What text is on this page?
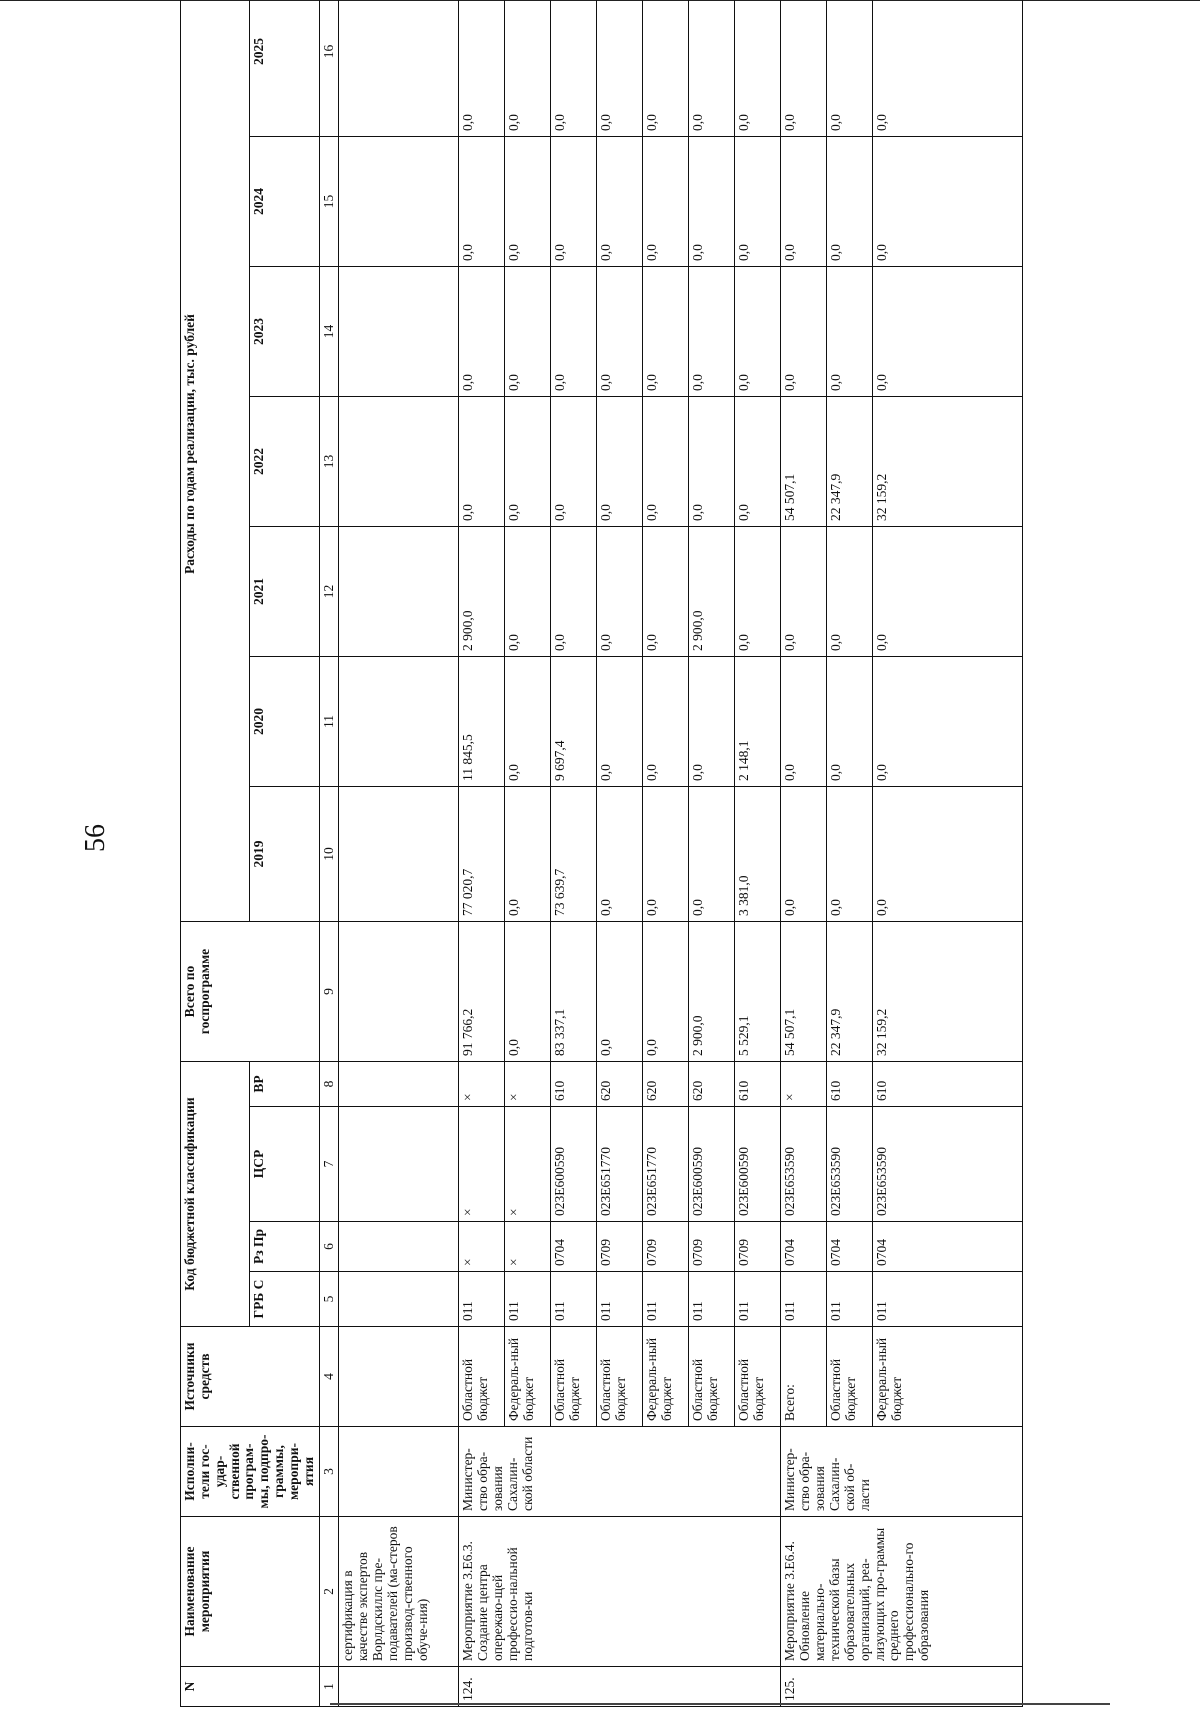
56
N	Наименование мероприятия	Исполни-тели гос-удар-ственной програм-мы, подпро-граммы, меропри-ятия	Источники средств	Код бюджетной классификации				Всего по госпрограмме	Расходы по годам реализации, тыс. рублей						
				ГРБ С	Рз Пр	ЦСР	ВР		2019	2020	2021	2022	2023	2024	2025
1	2	3	4	5	6	7	8	9	10	11	12	13	14	15	16
	сертификация в качестве экспертов Ворлдскиллс пре-подавателей (ма-стеров производ-ственного обуче-ния)														
124.	Мероприятие 3.Е6.3. Создание центра опережаю-щей профессио-нальной подготов-ки	Министер-ство обра-зования Сахалин-ской области	Областной бюджет	011	×	×	×	91 766,2	77 020,7	11 845,5	2 900,0	0,0	0,0	0,0	0,0
			Федераль-ный бюджет	011	×	×	×	0,0	0,0	0,0	0,0	0,0	0,0	0,0	0,0
			Областной бюджет	011	0704	023E600590	610	83 337,1	73 639,7	9 697,4	0,0	0,0	0,0	0,0	0,0
			Областной бюджет	011	0709	023E651770	620	0,0	0,0	0,0	0,0	0,0	0,0	0,0	0,0
			Федераль-ный бюджет	011	0709	023E651770	620	0,0	0,0	0,0	0,0	0,0	0,0	0,0	0,0
			Областной бюджет	011	0709	023E600590	620	2 900,0	0,0	0,0	2 900,0	0,0	0,0	0,0	0,0
			Областной бюджет	011	0709	023E600590	610	5 529,1	3 381,0	2 148,1	0,0	0,0	0,0	0,0	0,0
125.	Мероприятие 3.Е6.4. Обновление материально-технической базы образовательных организаций, реа-лизующих про-граммы среднего профессионально-го образования	Министер-ство обра-зования Сахалин-ской об-ласти	Всего:	011	0704	023E653590	×	54 507,1	0,0	0,0	0,0	54 507,1	0,0	0,0	0,0
			Областной бюджет	011	0704	023E653590	610	22 347,9	0,0	0,0	0,0	22 347,9	0,0	0,0	0,0
			Федераль-ный бюджет	011	0704	023E653590	610	32 159,2	0,0	0,0	0,0	32 159,2	0,0	0,0	0,0
